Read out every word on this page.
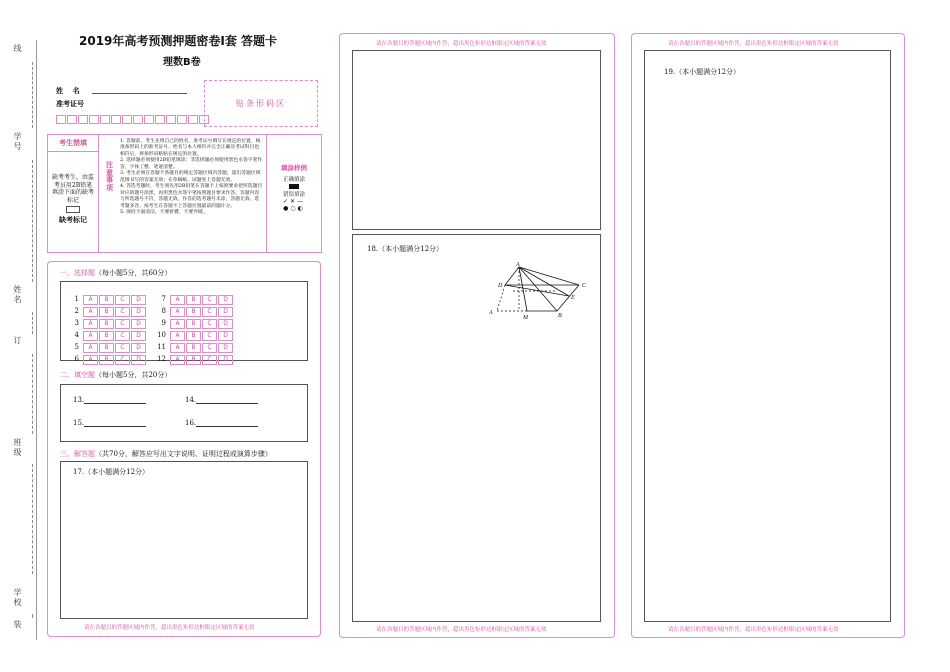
线
学号
姓名
订
班级
学校
装
2019年高考预测押题密卷Ⅰ套 答题卡
理数B卷
姓    名
准考证号	贴条形码区
考生禁填
缺考考生，由监考员用2B铅笔填涂下面的缺考标记
缺考标记
注意事项
1. 答题前，考生先将自己的姓名、准考证号填写在规定的位置，核准条形码上的准考证号、姓名与本人相符并完全正确及考试科目也相符后，将条形码粘贴在规定的位置。
2. 选择题必须使用2B铅笔填涂；非选择题必须使用黑色水签字笔作答，字体工整、笔迹清楚。
3. 考生必须在答题卡各题目的规定答题区域内答题，超出答题区域范围书写的答案无效；在草稿纸、试题卷上答题无效。
4. 答选考题时，考生须先用2B铅笔在答题卡上按照要求把所选题目对应的题号涂黑，再用黑色水签字笔按照题目要求作答。答题内容与所选题号不符，答题无效。作答的选考题号未涂，答题无效。选考题多答，按考生在答题卡上答题位置最前的题计分。
5. 保持卡面清洁，不要折叠、不要弄破。
填涂样例
正确填涂
错误填涂
✓✕—
●○◐
一、选择题（每小题5分，共60分）
1 A B C D
2 A B C D
3 A B C D
4 A B C D
5 A B C D
6 A B C D
7 A B C D
8 A B C D
9 A B C D
10 A B C D
11 A B C D
12 A B C D
二、填空题（每小题5分，共20分）
13.	14.
15.	16.
三、解答题（共70分，解答应写出文字说明、证明过程或演算步骤）
17.（本小题满分12分）
请在各题目的答题区域内作答，超出黑色矩形边框限定区域的答案无效
请在各题目的答题区域内作答，超出黑色矩形边框限定区域的答案无效
18.（本小题满分12分）
A
D	C
E
A
M	B
请在各题目的答题区域内作答，超出黑色矩形边框限定区域的答案无效
请在各题目的答题区域内作答，超出黑色矩形边框限定区域的答案无效
19.（本小题满分12分）
请在各题目的答题区域内作答，超出黑色矩形边框限定区域的答案无效
